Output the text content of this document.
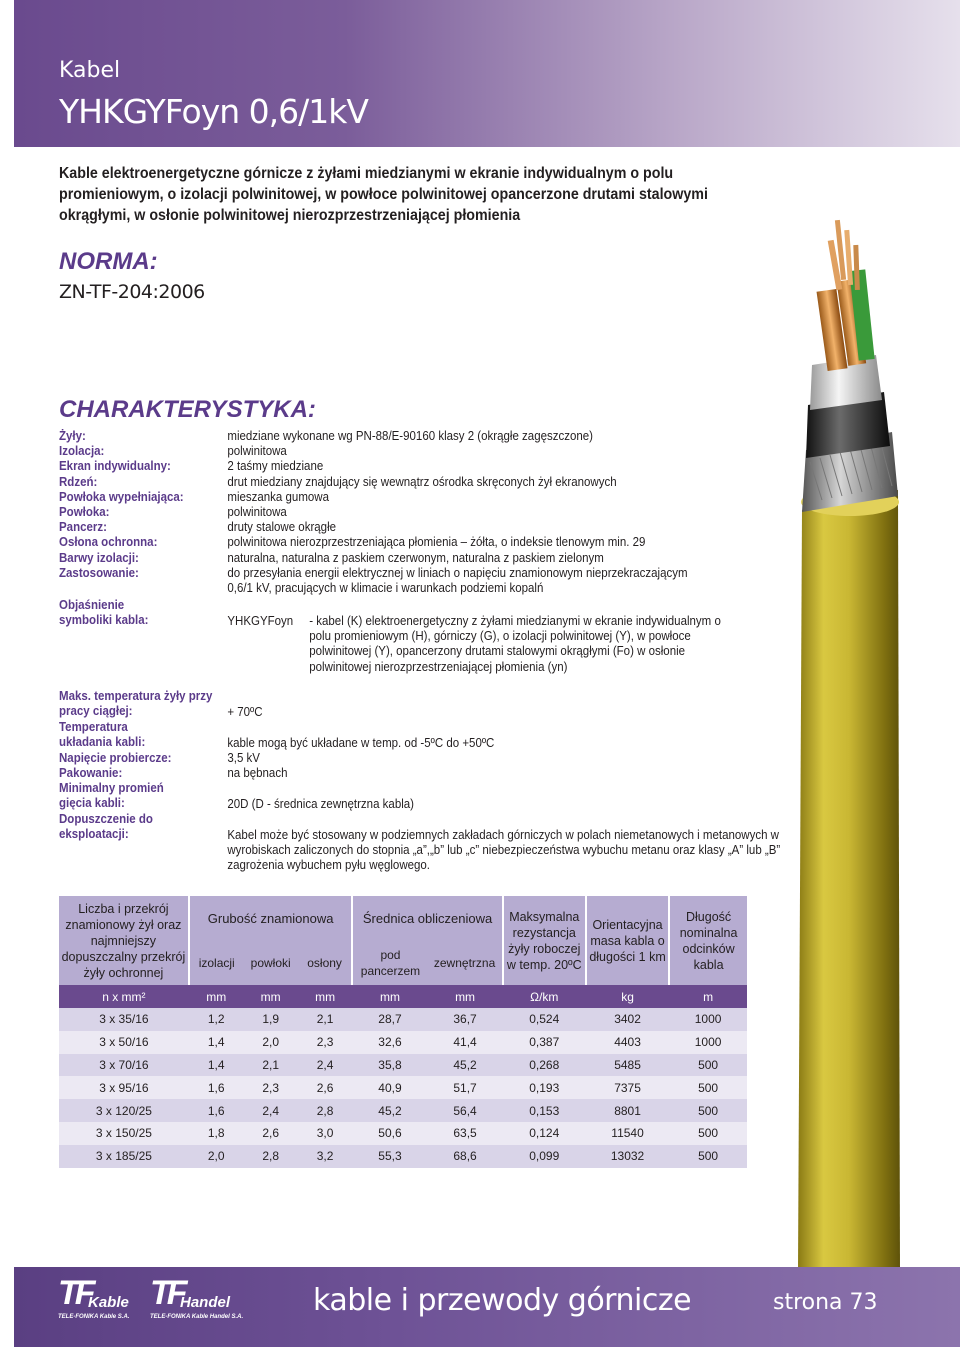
Kabel
YHKGYFoyn 0,6/1kV
Kable elektroenergetyczne górnicze z żyłami miedzianymi w ekranie indywidualnym o polu promieniowym, o izolacji polwinitowej, w powłoce polwinitowej opancerzone drutami stalowymi okrągłymi, w osłonie polwinitowej nierozprzestrzeniającej płomienia
NORMA:
ZN-TF-204:2006
CHARAKTERYSTYKA:
Żyły:	miedziane wykonane wg PN-88/E-90160 klasy 2 (okrągłe zagęszczone)
Izolacja:	polwinitowa
Ekran indywidualny:	2 taśmy miedziane
Rdzeń:	drut miedziany znajdujący się wewnątrz ośrodka skręconych żył ekranowych
Powłoka wypełniająca:	mieszanka gumowa
Powłoka:	polwinitowa
Pancerz:	druty stalowe okrągłe
Osłona ochronna:	polwinitowa nierozprzestrzeniająca płomienia – żółta, o indeksie tlenowym min. 29
Barwy izolacji:	naturalna, naturalna z paskiem czerwonym, naturalna z paskiem zielonym
Zastosowanie:	do przesyłania energii elektrycznej w liniach o napięciu znamionowym nieprzekraczającym 0,6/1 kV, pracujących w klimacie i warunkach podziemi kopalń
Objaśnienie symboliki kabla:	YHKGYFoyn - kabel (K) elektroenergetyczny z żyłami miedzianymi w ekranie indywidualnym o polu promieniowym (H), górniczy (G), o izolacji polwinitowej (Y), w powłoce polwinitowej (Y), opancerzony drutami stalowymi okrągłymi (Fo) w osłonie polwinitowej nierozprzestrzeniającej płomienia (yn)
Maks. temperatura żyły przy pracy ciągłej:	+ 70ºC
Temperatura układania kabli:	kable mogą być układane w temp. od -5ºC do +50ºC
Napięcie probiercze:	3,5 kV
Pakowanie:	na bębnach
Minimalny promień gięcia kabli:	20D (D - średnica zewnętrzna kabla)
Dopuszczenie do eksploatacji:	Kabel może być stosowany w podziemnych zakładach górniczych w polach niemetanowych i metanowych w wyrobiskach zaliczonych do stopnia „a”,„b” lub „c” niebezpieczeństwa wybuchu metanu oraz klasy „A” lub „B” zagrożenia wybuchem pyłu węglowego.
Liczba i przekrój znamionowy żył oraz najmniejszy dopuszczalny przekrój żyły ochronnej	Grubość znamionowa			Średnica obliczeniowa		Maksymalna rezystancja żyły roboczej w temp. 20ºC	Orientacyjna masa kabla o długości 1 km	Długość nominalna odcinków kabla
	izolacji	powłoki	osłony	pod pancerzem	zewnętrzna			
n x mm²	mm	mm	mm	mm	mm	Ω/km	kg	m
3 x 35/16	1,2	1,9	2,1	28,7	36,7	0,524	3402	1000
3 x 50/16	1,4	2,0	2,3	32,6	41,4	0,387	4403	1000
3 x 70/16	1,4	2,1	2,4	35,8	45,2	0,268	5485	500
3 x 95/16	1,6	2,3	2,6	40,9	51,7	0,193	7375	500
3 x 120/25	1,6	2,4	2,8	45,2	56,4	0,153	8801	500
3 x 150/25	1,8	2,6	3,0	50,6	63,5	0,124	11540	500
3 x 185/25	2,0	2,8	3,2	55,3	68,6	0,099	13032	500
TF
Kable
TELE-FONIKA Kable S.A.
TF
Handel
TELE-FONIKA Kable Handel S.A. kable i przewody górnicze	strona 73
